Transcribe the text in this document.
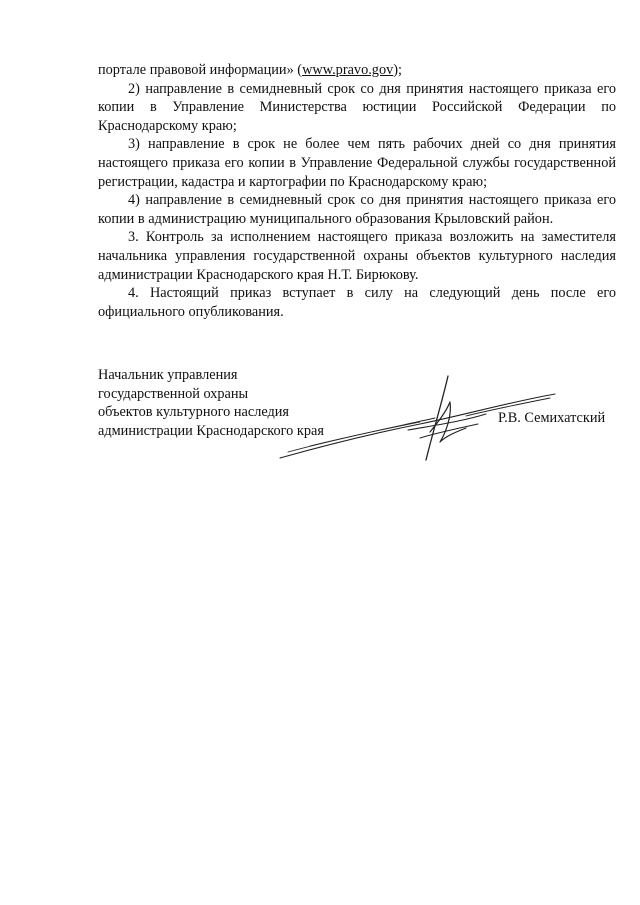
порталe правовой информации» (www.pravo.gov);

2) направление в семидневный срок со дня принятия настоящего приказа его копии в Управление Министерства юстиции Российской Федерации по Краснодарскому краю;

3) направление в срок не более чем пять рабочих дней со дня принятия настоящего приказа его копии в Управление Федеральной службы государственной регистрации, кадастра и картографии по Краснодарскому краю;

4) направление в семидневный срок со дня принятия настоящего приказа его копии в администрацию муниципального образования Крыловский район.

3. Контроль за исполнением настоящего приказа возложить на заместителя начальника управления государственной охраны объектов культурного наследия администрации Краснодарского края Н.Т. Бирюкову.

4. Настоящий приказ вступает в силу на следующий день после его официального опубликования.

Начальник управления
государственной охраны
объектов культурного наследия
администрации Краснодарского края
Р.В. Семихатский
